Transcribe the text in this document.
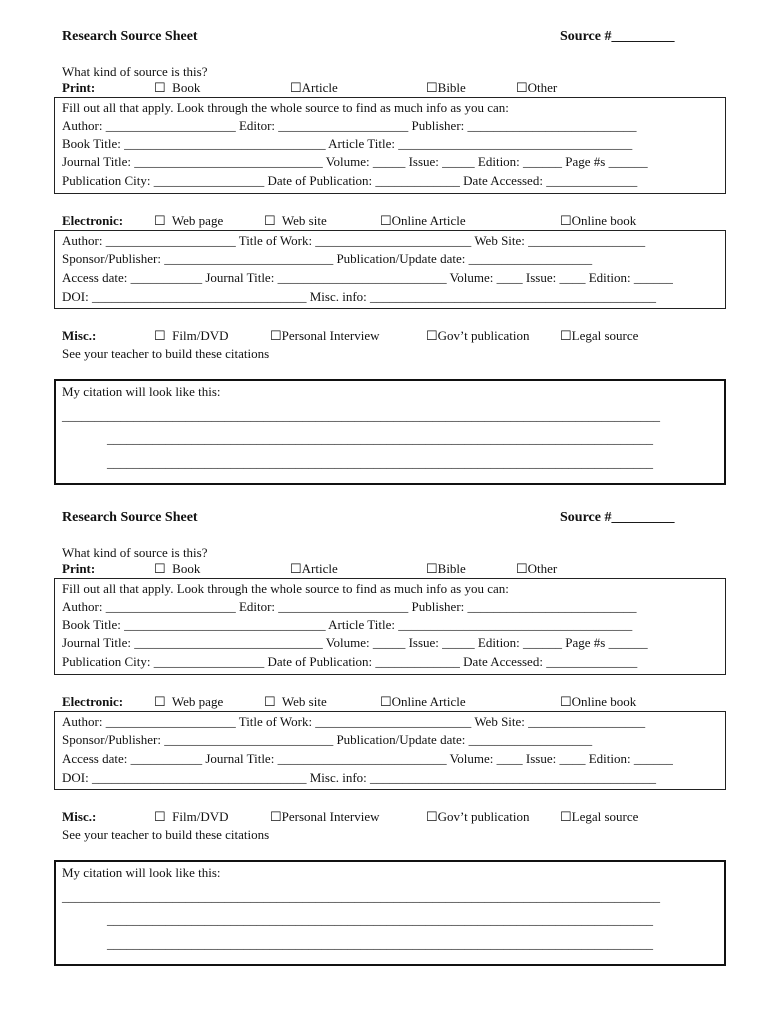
Research Source Sheet	Source #_________
What kind of source is this?
Print:	☐  Book	☐Article	☐Bible	☐Other
Fill out all that apply. Look through the whole source to find as much info as you can:
Author: ____________________ Editor: ____________________ Publisher: __________________________
Book Title: _______________________________ Article Title: ____________________________________
Journal Title: _____________________________ Volume: _____ Issue: _____ Edition: ______ Page #s ______
Publication City: _________________ Date of Publication: _____________ Date Accessed: ______________
Electronic: ☐  Web page	☐  Web site	☐Online Article	☐Online book
Author: ____________________ Title of Work: ________________________ Web Site: __________________
Sponsor/Publisher: __________________________ Publication/Update date: ___________________
Access date: ___________ Journal Title: __________________________ Volume: ____ Issue: ____ Edition: ______
DOI: _________________________________ Misc. info: ____________________________________________
Misc.:	☐  Film/DVD	☐Personal Interview	☐Gov’t publication ☐Legal source
See your teacher to build these citations
My citation will look like this:
____________________________________________________________________________________________
____________________________________________________________________________________
____________________________________________________________________________________
Research Source Sheet	Source #_________
What kind of source is this?
Print:	☐  Book	☐Article	☐Bible	☐Other
Fill out all that apply. Look through the whole source to find as much info as you can:
Author: ____________________ Editor: ____________________ Publisher: __________________________
Book Title: _______________________________ Article Title: ____________________________________
Journal Title: _____________________________ Volume: _____ Issue: _____ Edition: ______ Page #s ______
Publication City: _________________ Date of Publication: _____________ Date Accessed: ______________
Electronic: ☐  Web page	☐  Web site	☐Online Article	☐Online book
Author: ____________________ Title of Work: ________________________ Web Site: __________________
Sponsor/Publisher: __________________________ Publication/Update date: ___________________
Access date: ___________ Journal Title: __________________________ Volume: ____ Issue: ____ Edition: ______
DOI: _________________________________ Misc. info: ____________________________________________
Misc.:	☐  Film/DVD	☐Personal Interview	☐Gov’t publication ☐Legal source
See your teacher to build these citations
My citation will look like this:
____________________________________________________________________________________________
____________________________________________________________________________________
____________________________________________________________________________________
